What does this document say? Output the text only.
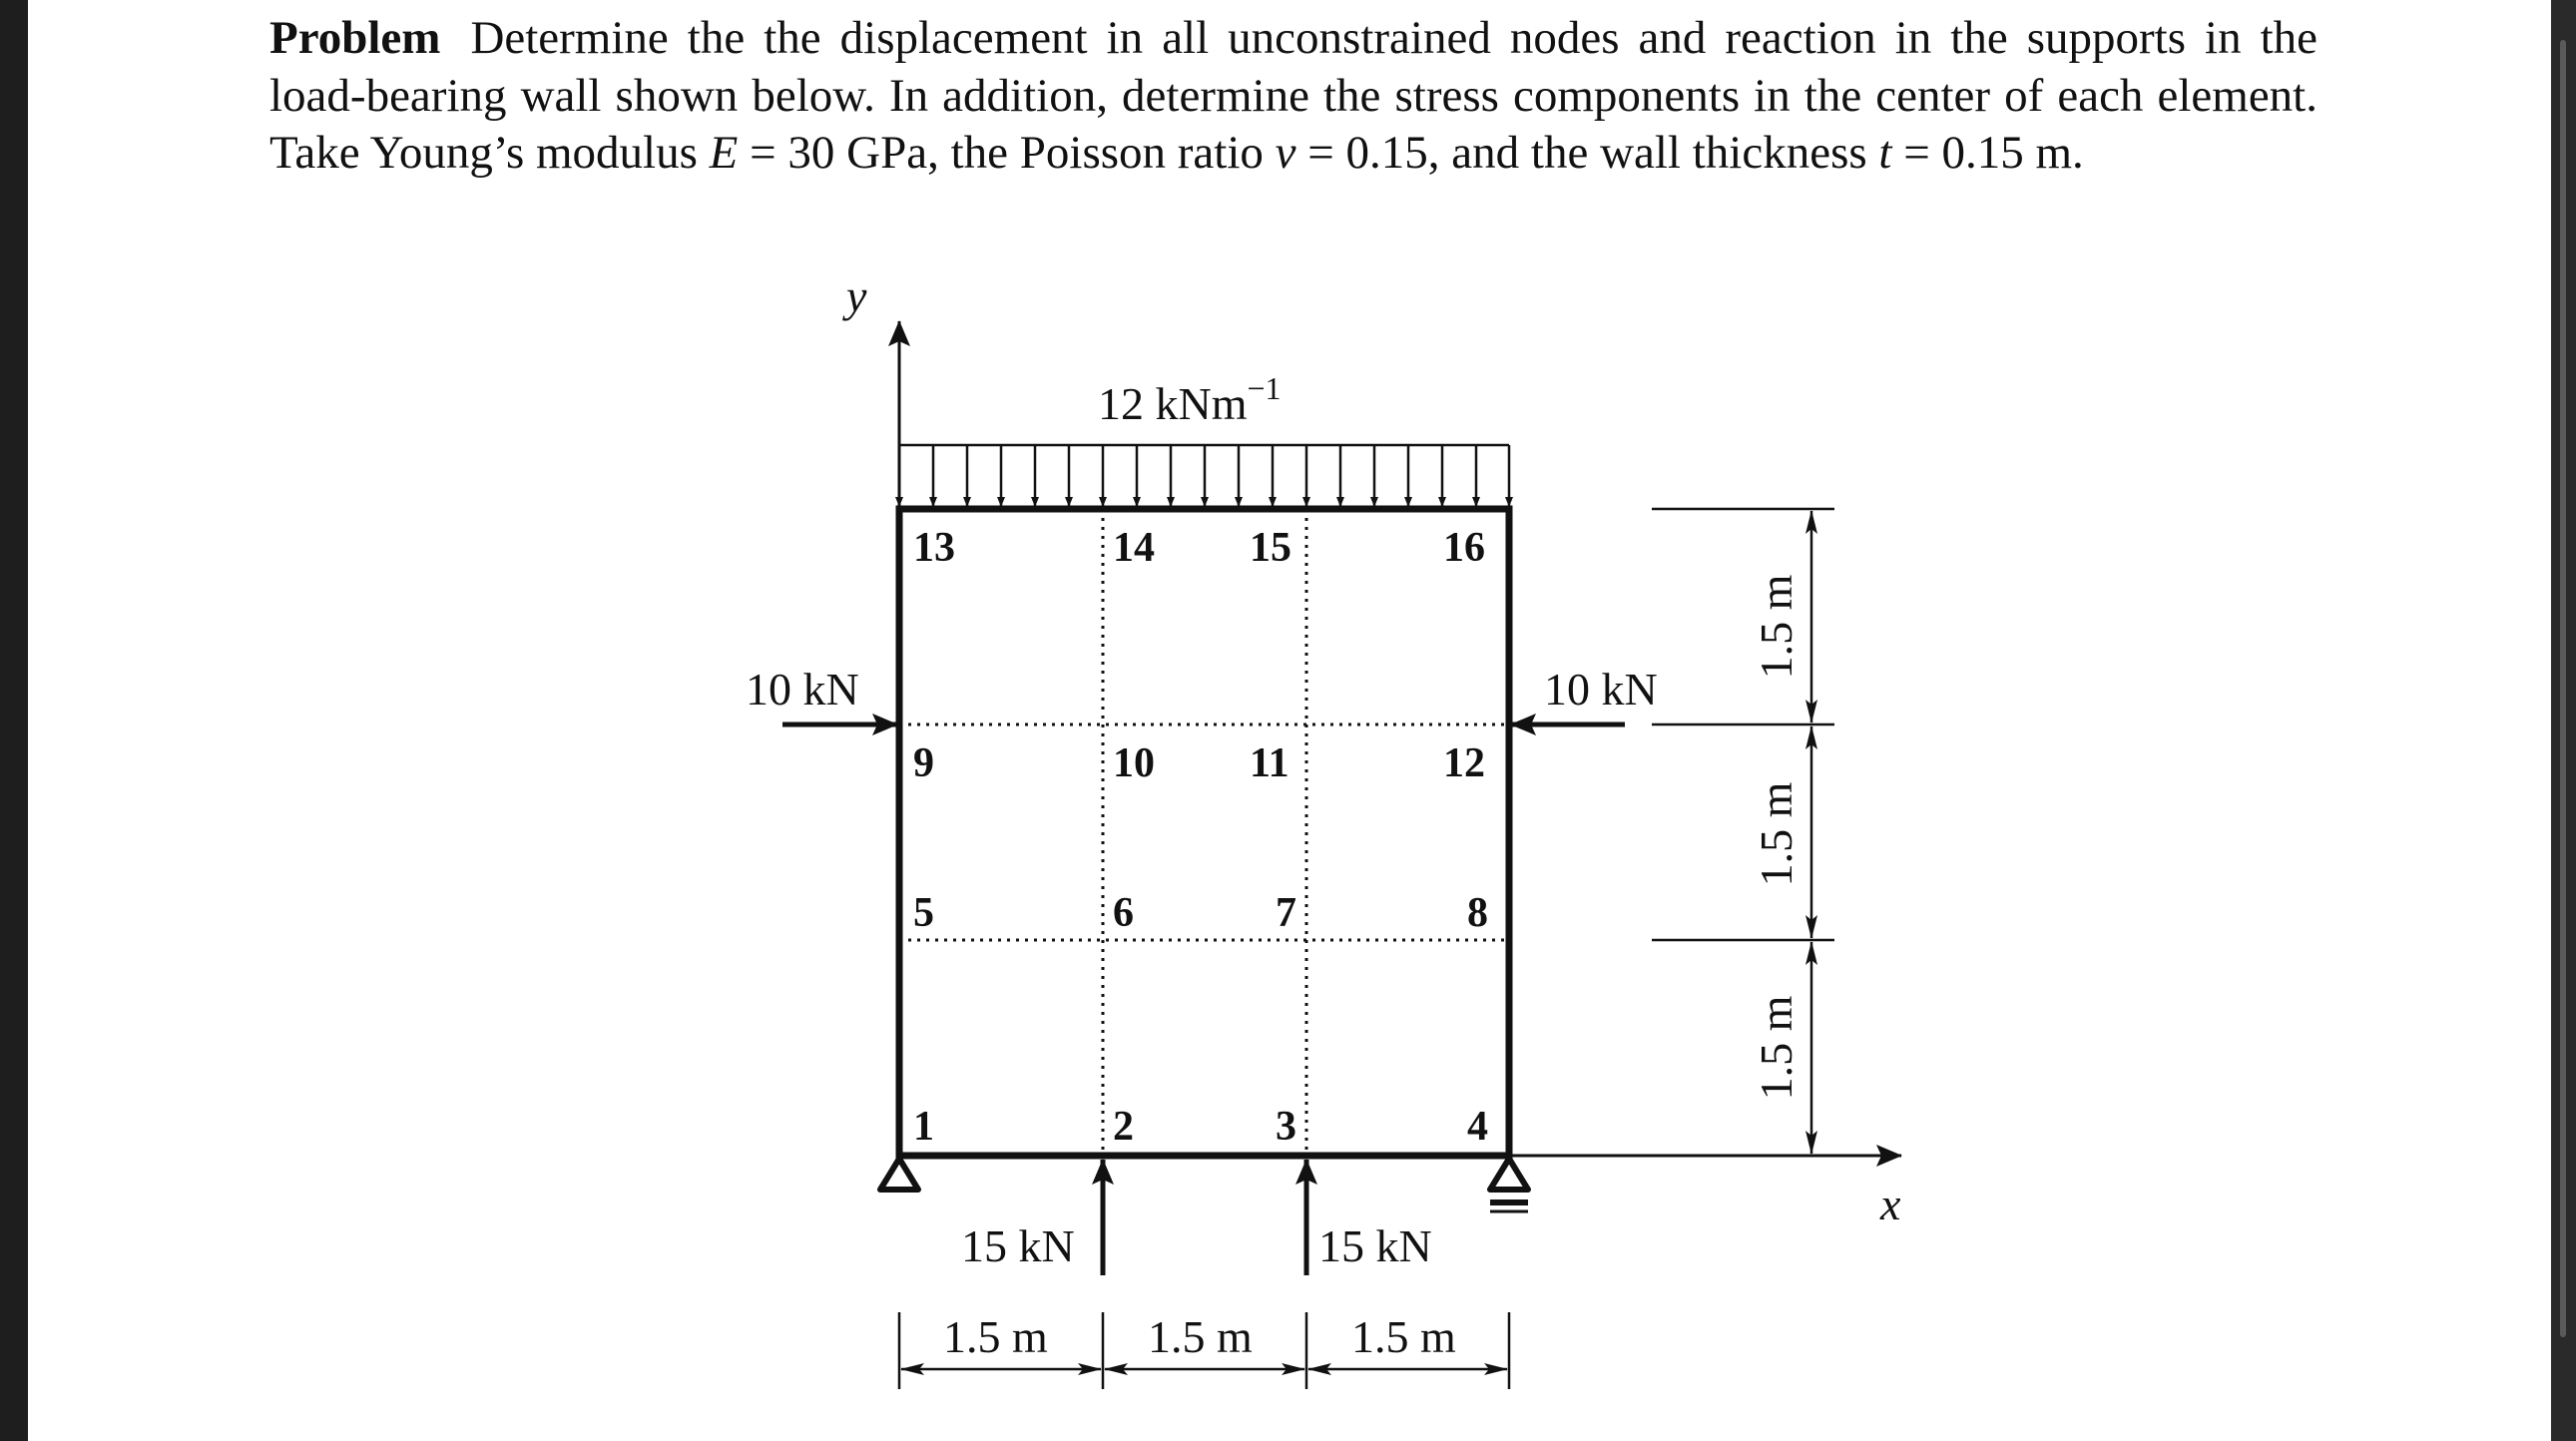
Problem Determine the the displacement in all unconstrained nodes and reaction in the supports in the load-bearing wall shown below. In addition, determine the stress components in the center of each element. Take Young’s modulus E = 30 GPa, the Poisson ratio ν = 0.15, and the wall thickness t = 0.15 m.
y
x
12 kNm$^{-1}$
10 kN	10 kN
15 kN	15 kN
1	2	3	4
5	6	7	8
9	10 11	12
13	14 15	16
1.5 m 1.5 m 1.5 m
1.5 m
1.5 m
1.5 m
